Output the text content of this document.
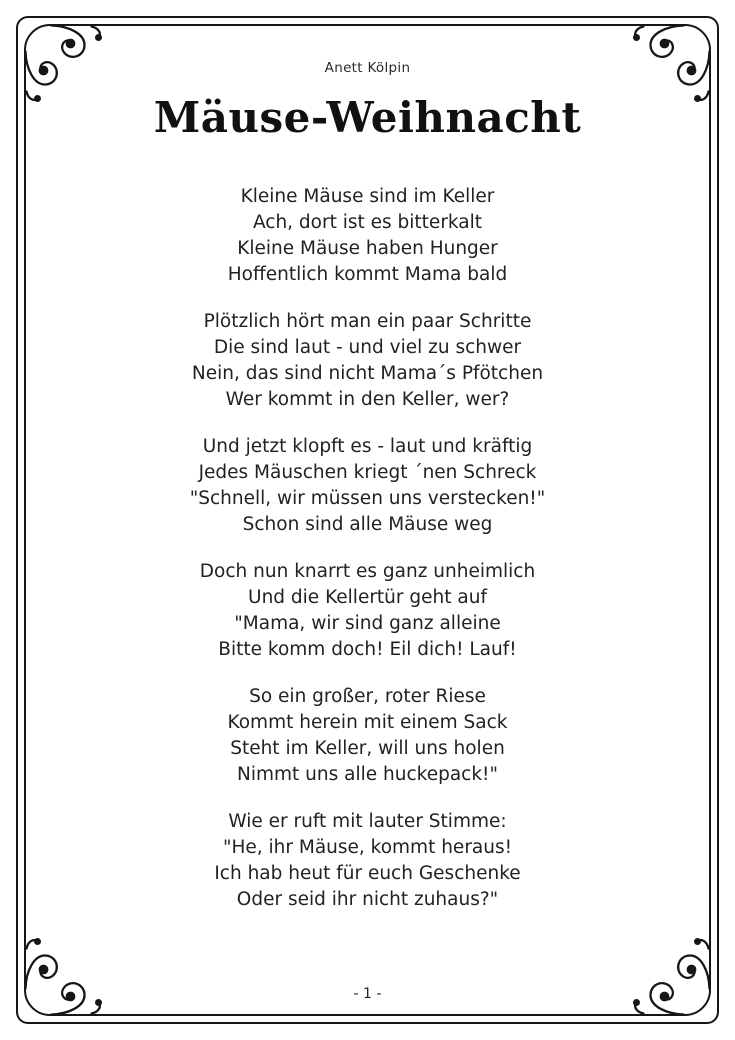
Anett Kölpin
Mäuse-Weihnacht
Kleine Mäuse sind im Keller
Ach, dort ist es bitterkalt
Kleine Mäuse haben Hunger
Hoffentlich kommt Mama bald
Plötzlich hört man ein paar Schritte
Die sind laut - und viel zu schwer
Nein, das sind nicht Mama´s Pfötchen
Wer kommt in den Keller, wer?
Und jetzt klopft es - laut und kräftig
Jedes Mäuschen kriegt ´nen Schreck
"Schnell, wir müssen uns verstecken!"
Schon sind alle Mäuse weg
Doch nun knarrt es ganz unheimlich
Und die Kellertür geht auf
"Mama, wir sind ganz alleine
Bitte komm doch! Eil dich! Lauf!
So ein großer, roter Riese
Kommt herein mit einem Sack
Steht im Keller, will uns holen
Nimmt uns alle huckepack!"
Wie er ruft mit lauter Stimme:
"He, ihr Mäuse, kommt heraus!
Ich hab heut für euch Geschenke
Oder seid ihr nicht zuhaus?"
- 1 -
